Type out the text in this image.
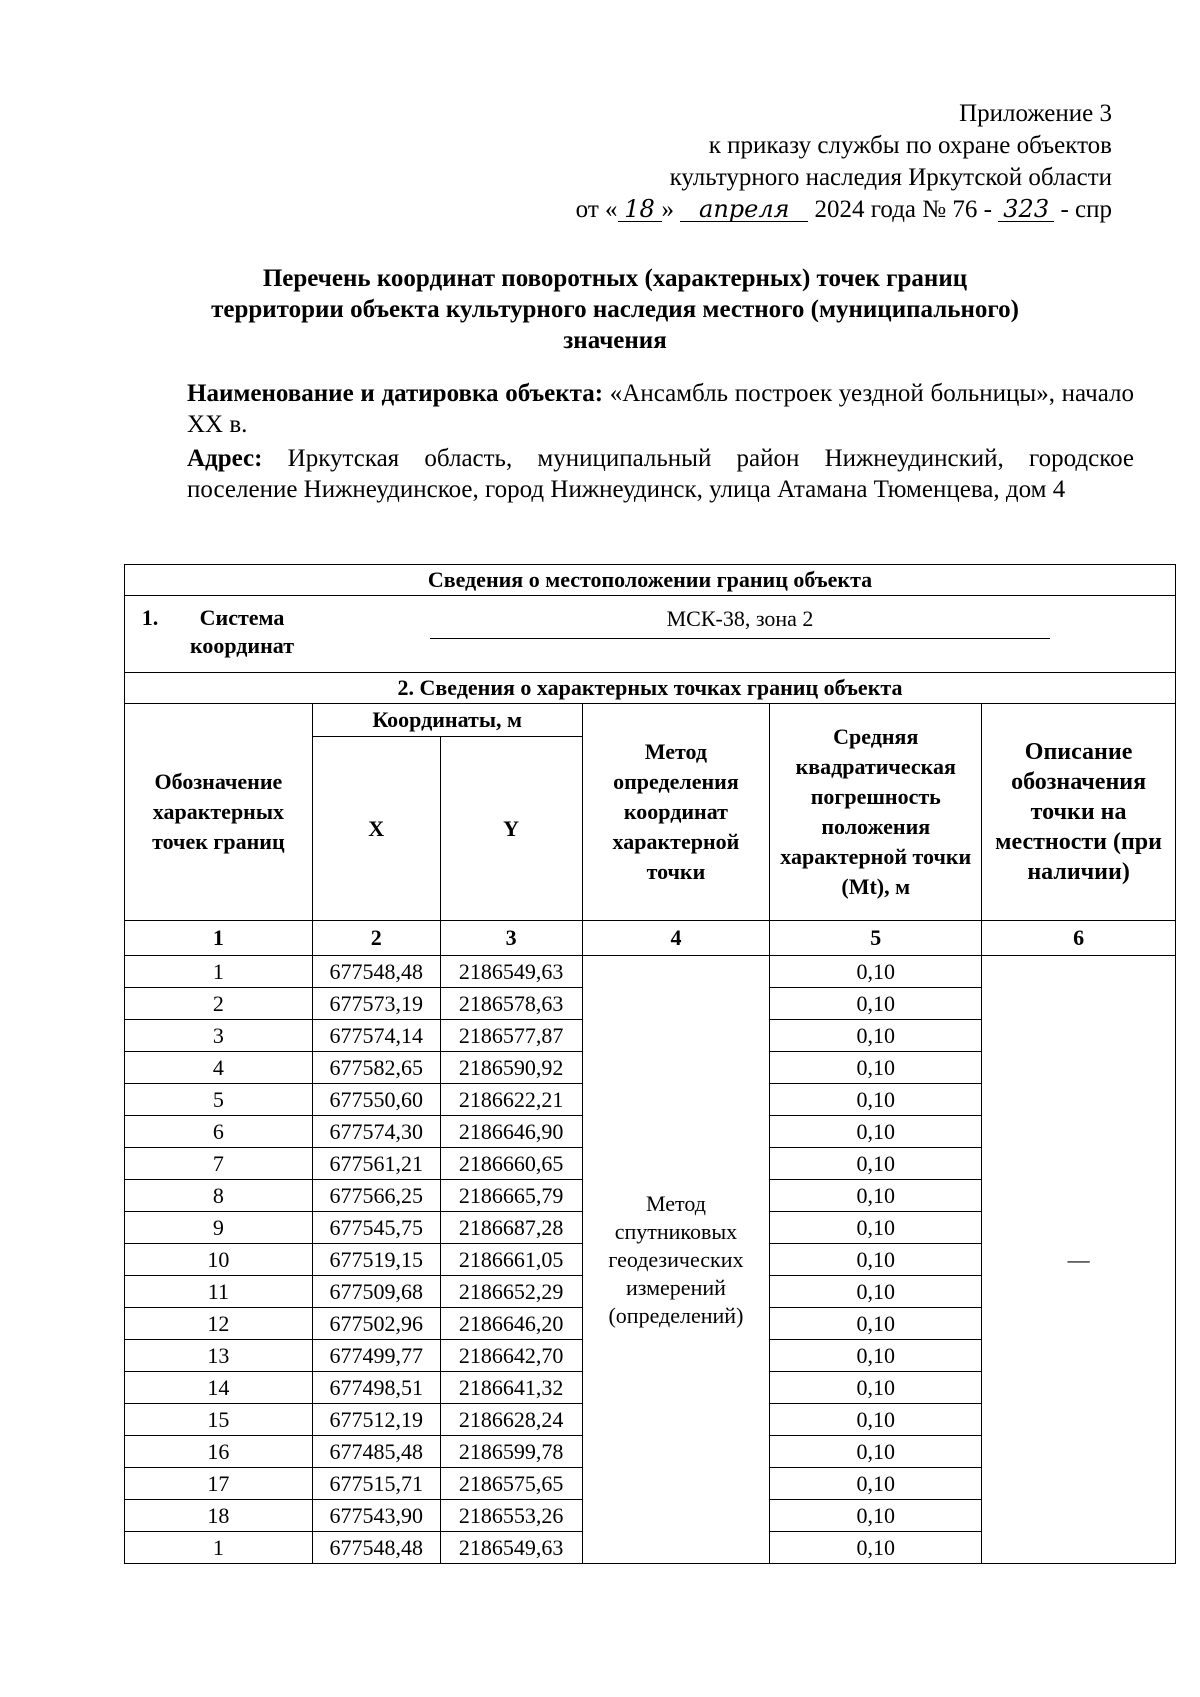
Приложение 3
к приказу службы по охране объектов
культурного наследия Иркутской области
от « 18 » апреля 2024 года № 76 - 323 - спр
Перечень координат поворотных (характерных) точек границ
территории объекта культурного наследия местного (муниципального)
значения

Наименование и датировка объекта: «Ансамбль построек уездной больницы», начало XX в.

Адрес: Иркутская область, муниципальный район Нижнеудинский, городское поселение Нижнеудинское, город Нижнеудинск, улица Атамана Тюменцева, дом 4

Сведения о местоположении границ объекта					

1. Система координат
МСК-38, зона 2					

2. Сведения о характерных точках границ объекта					
Обозначение характерных точек границ	Координаты, м		Метод определения координат характерной точки	Средняя квадратическая погрешность положения характерной точки (Mt), м	Описание обозначения точки на местности (при наличии)
	X	Y			
1	2	3	4	5	6
1	677548,48	2186549,63	Метод спутниковых геодезических измерений (определений)	0,10	—
2	677573,19	2186578,63		0,10	
3	677574,14	2186577,87		0,10	
4	677582,65	2186590,92		0,10	
5	677550,60	2186622,21		0,10	
6	677574,30	2186646,90		0,10	
7	677561,21	2186660,65		0,10	
8	677566,25	2186665,79		0,10	
9	677545,75	2186687,28		0,10	
10	677519,15	2186661,05		0,10	
11	677509,68	2186652,29		0,10	
12	677502,96	2186646,20		0,10	
13	677499,77	2186642,70		0,10	
14	677498,51	2186641,32		0,10	
15	677512,19	2186628,24		0,10	
16	677485,48	2186599,78		0,10	
17	677515,71	2186575,65		0,10	
18	677543,90	2186553,26		0,10	
1	677548,48	2186549,63		0,10	
